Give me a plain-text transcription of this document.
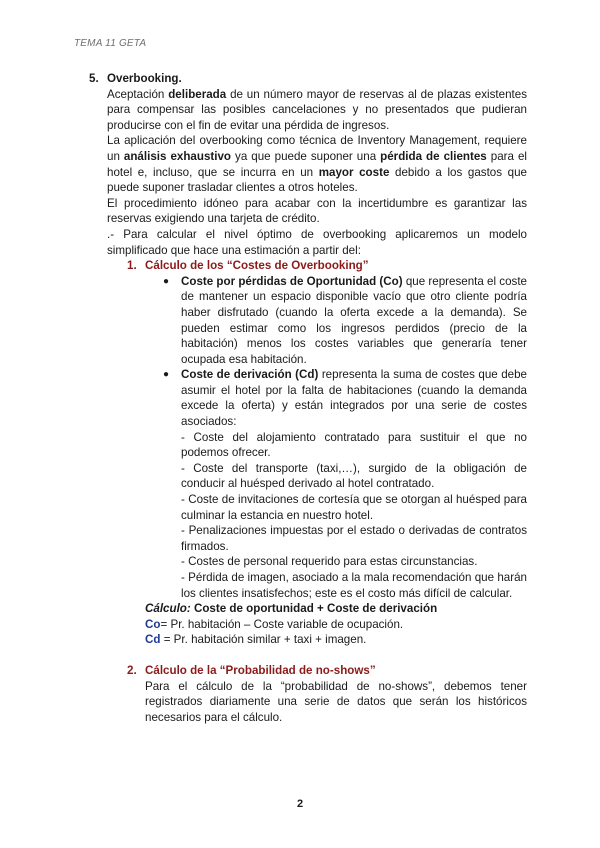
TEMA 11 GETA
5. Overbooking.

Aceptación deliberada de un número mayor de reservas al de plazas existentes para compensar las posibles cancelaciones y no presentados que pudieran producirse con el fin de evitar una pérdida de ingresos.

La aplicación del overbooking como técnica de Inventory Management, requiere un análisis exhaustivo ya que puede suponer una pérdida de clientes para el hotel e, incluso, que se incurra en un mayor coste debido a los gastos que puede suponer trasladar clientes a otros hoteles.

El procedimiento idóneo para acabar con la incertidumbre es garantizar las reservas exigiendo una tarjeta de crédito.

.- Para calcular el nivel óptimo de overbooking aplicaremos un modelo simplificado que hace una estimación a partir del:

1. Cálculo de los “Costes de Overbooking”
● Coste por pérdidas de Oportunidad (Co) que representa el coste de mantener un espacio disponible vacío que otro cliente podría haber disfrutado (cuando la oferta excede a la demanda). Se pueden estimar como los ingresos perdidos (precio de la habitación) menos los costes variables que generaría tener ocupada esa habitación.

● Coste de derivación (Cd) representa la suma de costes que debe asumir el hotel por la falta de habitaciones (cuando la demanda excede la oferta) y están integrados por una serie de costes asociados:

- Coste del alojamiento contratado para sustituir el que no podemos ofrecer.

- Coste del transporte (taxi,…), surgido de la obligación de conducir al huésped derivado al hotel contratado.

- Coste de invitaciones de cortesía que se otorgan al huésped para culminar la estancia en nuestro hotel.

- Penalizaciones impuestas por el estado o derivadas de contratos firmados.

- Costes de personal requerido para estas circunstancias.

- Pérdida de imagen, asociado a la mala recomendación que harán los clientes insatisfechos; este es el costo más difícil de calcular.

Cálculo: Coste de oportunidad + Coste de derivación
Co= Pr. habitación – Coste variable de ocupación.
Cd = Pr. habitación similar + taxi + imagen.
2. Cálculo de la “Probabilidad de no-shows”

Para el cálculo de la “probabilidad de no-shows”, debemos tener registrados diariamente una serie de datos que serán los históricos necesarios para el cálculo.

2
